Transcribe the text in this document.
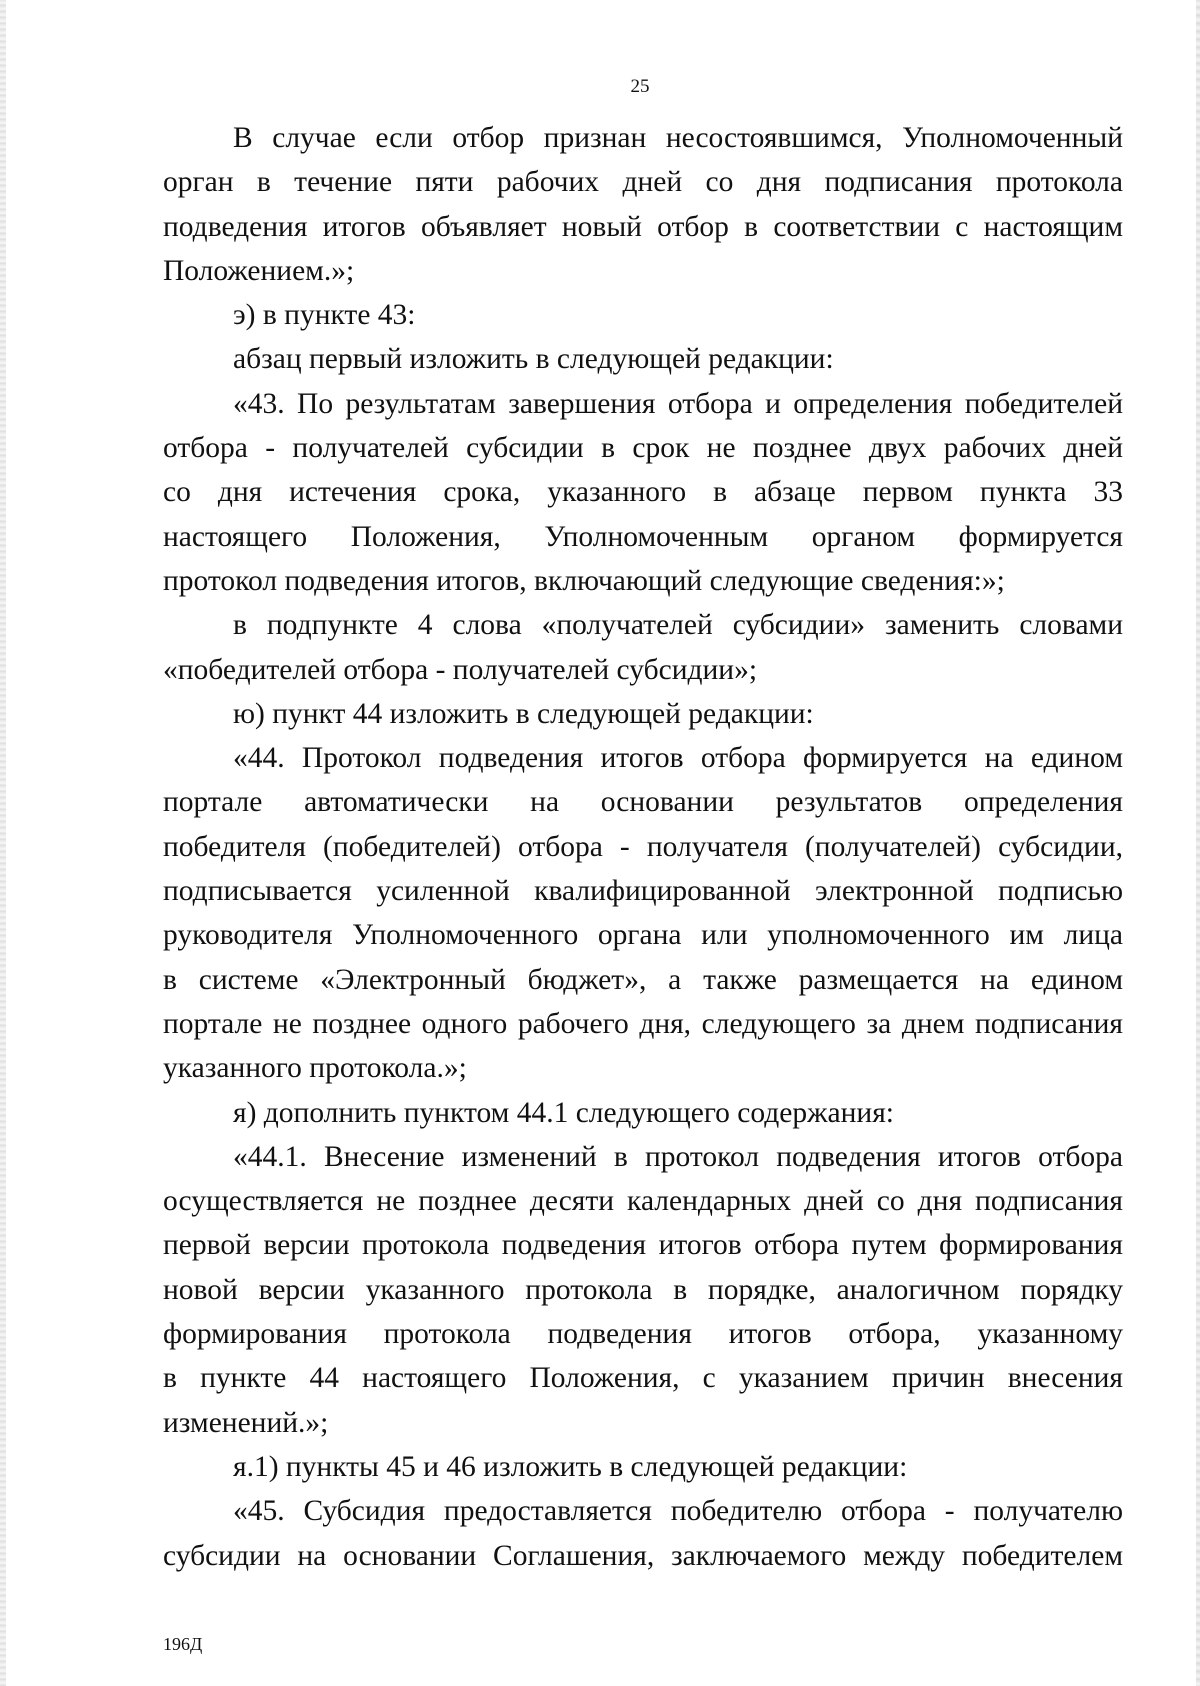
25
В случае если отбор признан несостоявшимся, Уполномоченный
орган в течение пяти рабочих дней со дня подписания протокола
подведения итогов объявляет новый отбор в соответствии с настоящим
Положением.»;
э) в пункте 43:
абзац первый изложить в следующей редакции:
«43. По результатам завершения отбора и определения победителей
отбора - получателей субсидии в срок не позднее двух рабочих дней
со дня истечения срока, указанного в абзаце первом пункта 33
настоящего Положения, Уполномоченным органом формируется
протокол подведения итогов, включающий следующие сведения:»;
в подпункте 4 слова «получателей субсидии» заменить словами
«победителей отбора - получателей субсидии»;
ю) пункт 44 изложить в следующей редакции:
«44. Протокол подведения итогов отбора формируется на едином
портале автоматически на основании результатов определения
победителя (победителей) отбора - получателя (получателей) субсидии,
подписывается усиленной квалифицированной электронной подписью
руководителя Уполномоченного органа или уполномоченного им лица
в системе «Электронный бюджет», а также размещается на едином
портале не позднее одного рабочего дня, следующего за днем подписания
указанного протокола.»;
я) дополнить пунктом 44.1 следующего содержания:
«44.1. Внесение изменений в протокол подведения итогов отбора
осуществляется не позднее десяти календарных дней со дня подписания
первой версии протокола подведения итогов отбора путем формирования
новой версии указанного протокола в порядке, аналогичном порядку
формирования протокола подведения итогов отбора, указанному
в пункте 44 настоящего Положения, с указанием причин внесения
изменений.»;
я.1) пункты 45 и 46 изложить в следующей редакции:
«45. Субсидия предоставляется победителю отбора - получателю
субсидии на основании Соглашения, заключаемого между победителем
196Д
